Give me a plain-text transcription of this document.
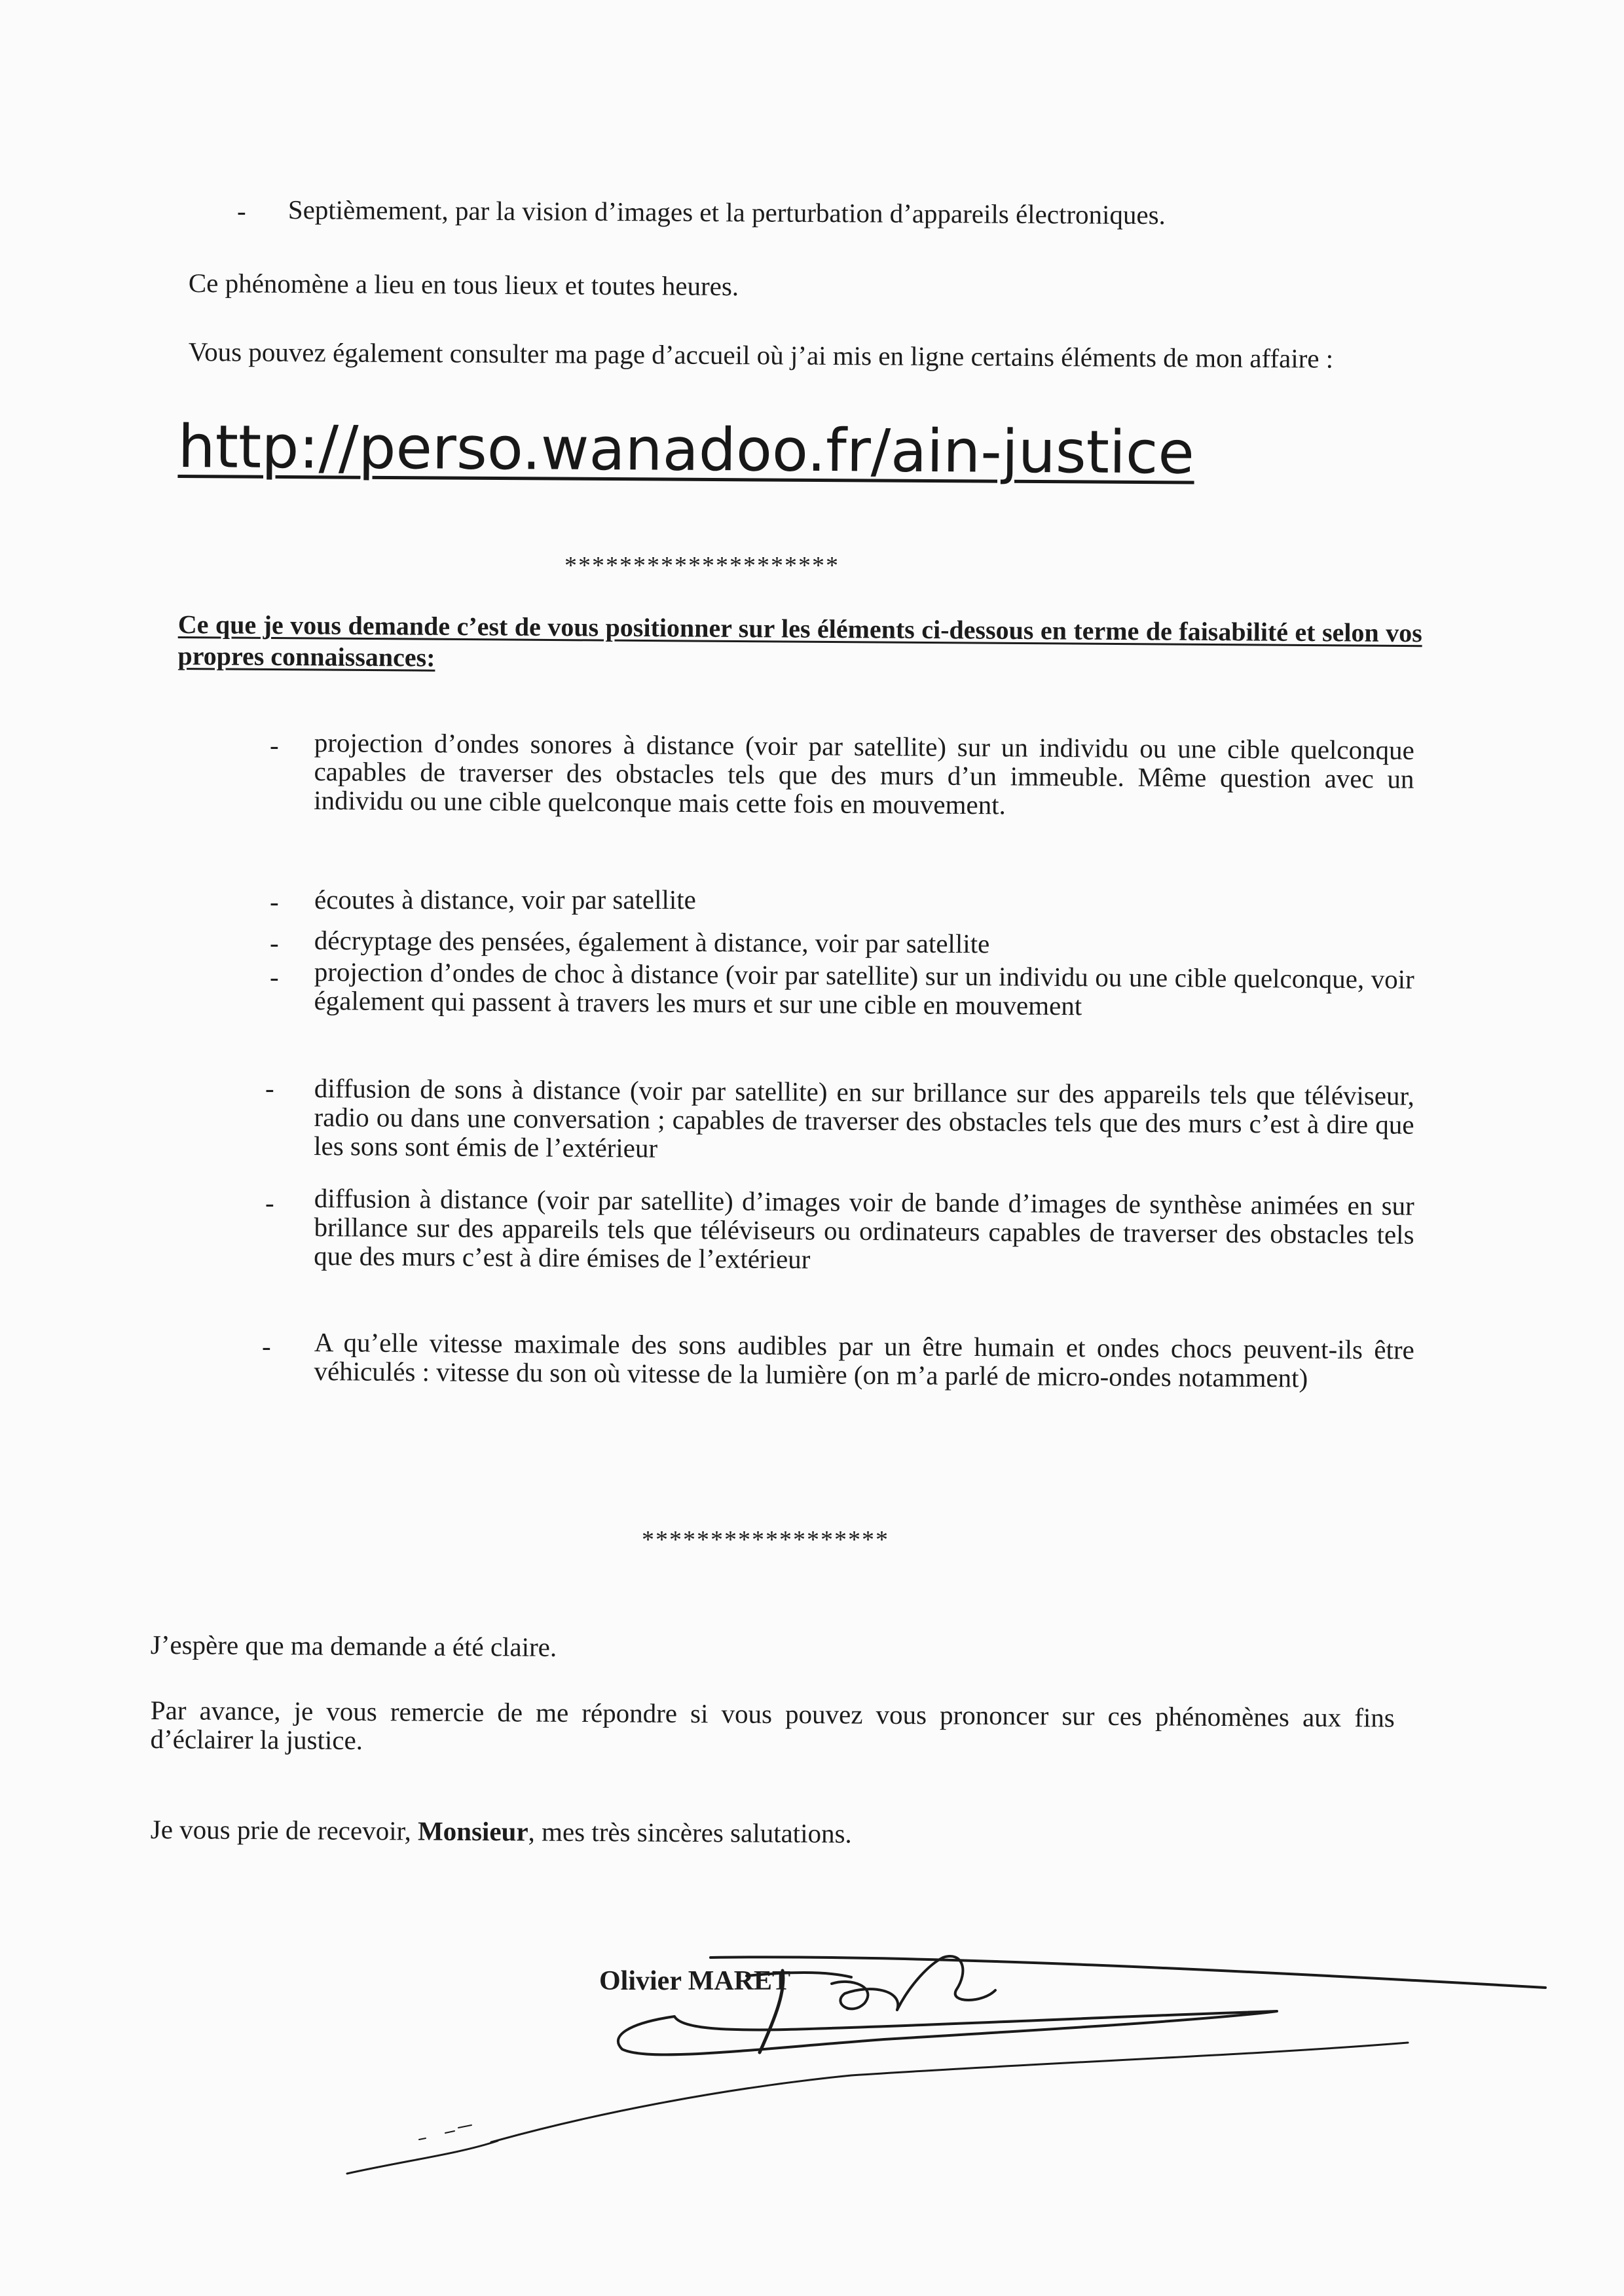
- Septièmement, par la vision d’images et la perturbation d’appareils électroniques.
Ce phénomène a lieu en tous lieux et toutes heures.
Vous pouvez également consulter ma page d’accueil où j’ai mis en ligne certains éléments de mon affaire :
http://perso.wanadoo.fr/ain-justice
********************
Ce que je vous demande c’est de vous positionner sur les éléments ci-dessous en terme de faisabilité et selon vos propres connaissances:
- projection d’ondes sonores à distance (voir par satellite) sur un individu ou une cible quelconque capables de traverser des obstacles tels que des murs d’un immeuble. Même question avec un individu ou une cible quelconque mais cette fois en mouvement.
- écoutes à distance, voir par satellite
- décryptage des pensées, également à distance, voir par satellite
- projection d’ondes de choc à distance (voir par satellite) sur un individu ou une cible quelconque, voir également qui passent à travers les murs et sur une cible en mouvement
- diffusion de sons à distance (voir par satellite) en sur brillance sur des appareils tels que téléviseur, radio ou dans une conversation ; capables de traverser des obstacles tels que des murs c’est à dire que les sons sont émis de l’extérieur
- diffusion à distance (voir par satellite) d’images voir de bande d’images de synthèse animées en sur brillance sur des appareils tels que téléviseurs ou ordinateurs capables de traverser des obstacles tels que des murs c’est à dire émises de l’extérieur
- A qu’elle vitesse maximale des sons audibles par un être humain et ondes chocs peuvent-ils être véhiculés : vitesse du son où vitesse de la lumière (on m’a parlé de micro-ondes notamment)
******************
J’espère que ma demande a été claire.
Par avance, je vous remercie de me répondre si vous pouvez vous prononcer sur ces phénomènes aux fins d’éclairer la justice.
Je vous prie de recevoir, Monsieur, mes très sincères salutations.
Olivier MARET
